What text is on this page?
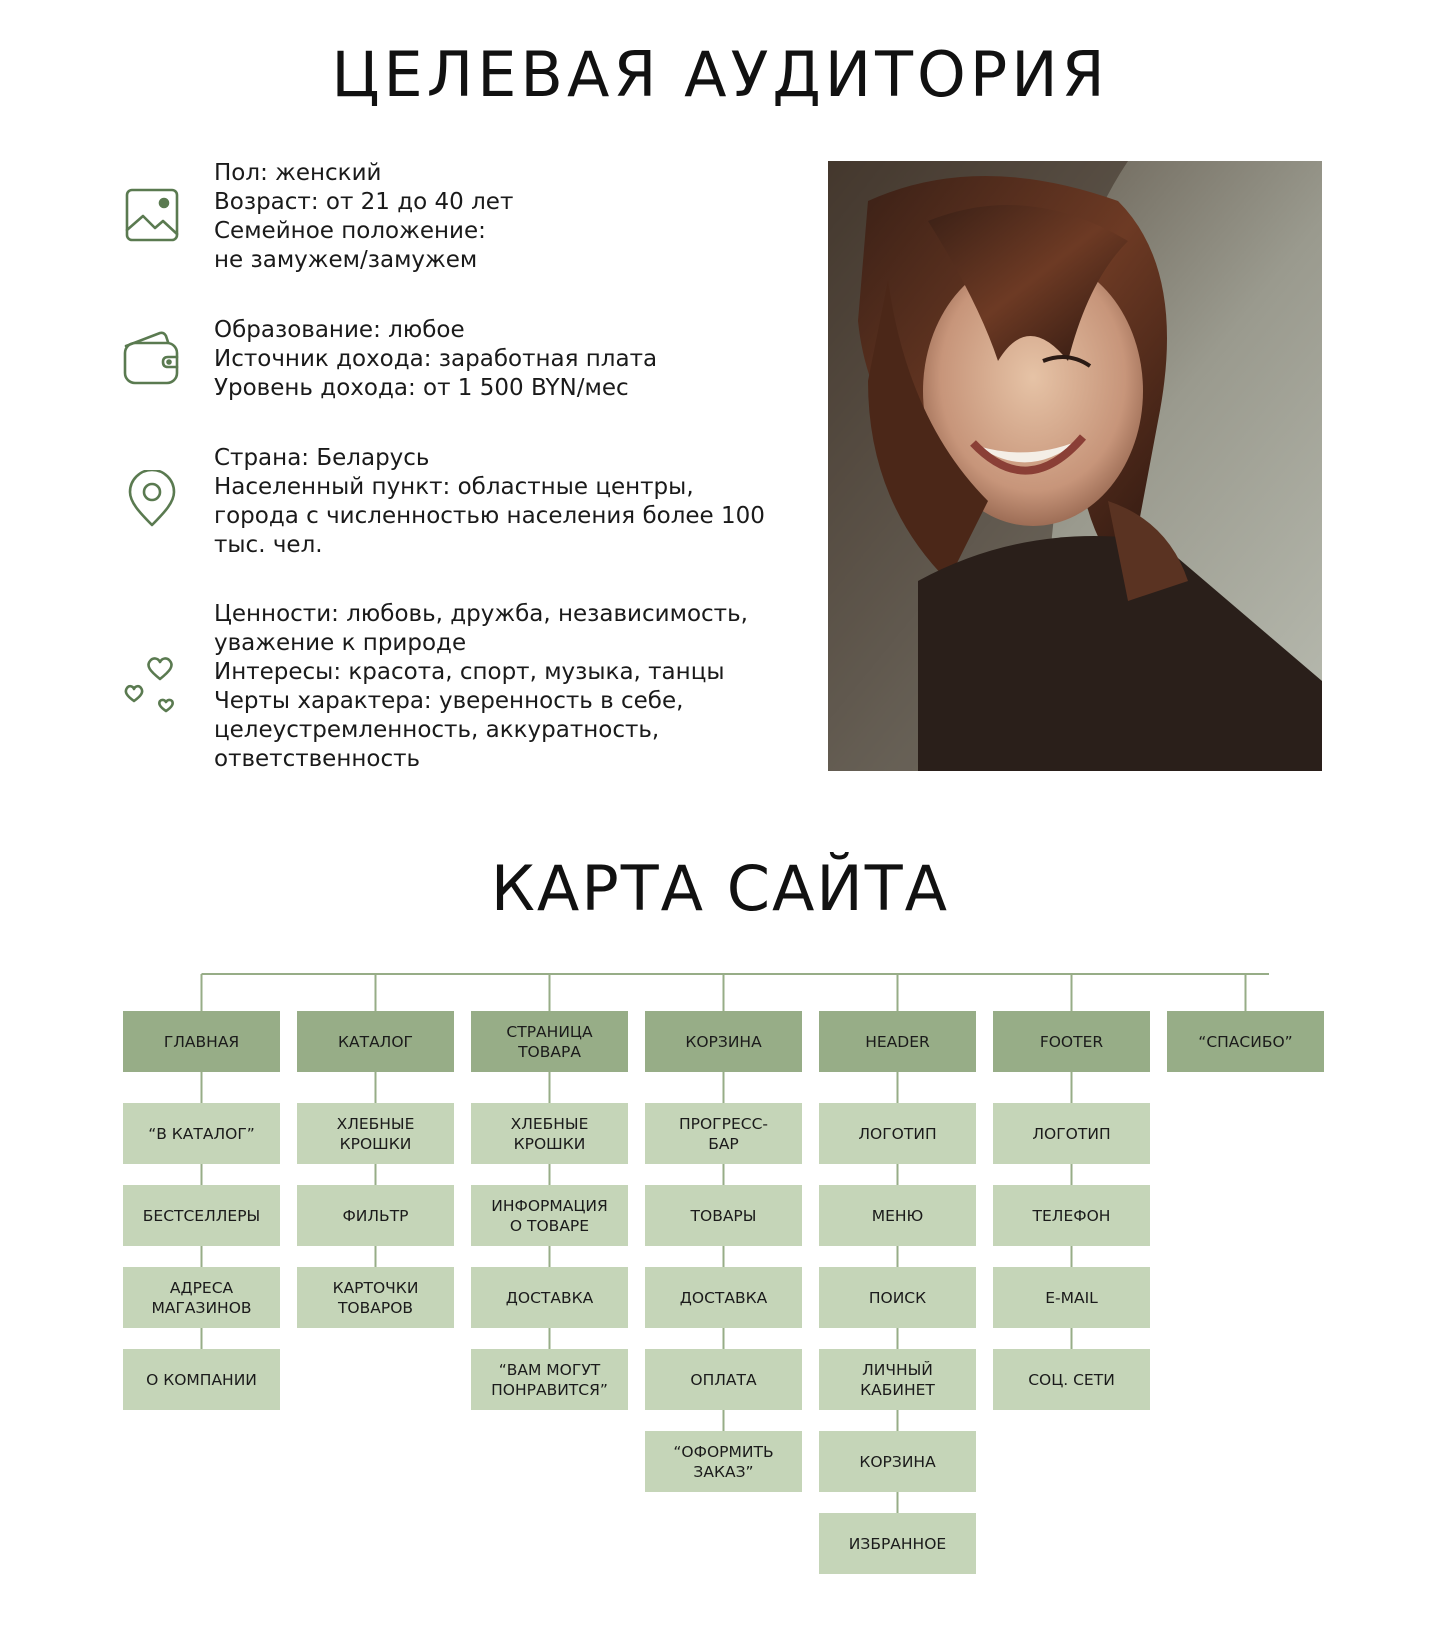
ЦЕЛЕВАЯ АУДИТОРИЯ
Пол: женский
Возраст: от 21 до 40 лет
Семейное положение:
не замужем/замужем
Образование: любое
Источник дохода: заработная плата
Уровень дохода: от 1 500 BYN/мес
Страна: Беларусь
Населенный пункт: областные центры,
города с численностью населения более 100
тыс. чел.
Ценности: любовь, дружба, независимость,
уважение к природе
Интересы: красота, спорт, музыка, танцы
Черты характера: уверенность в себе,
целеустремленность, аккуратность,
ответственность
КАРТА САЙТА
ГЛАВНАЯ
“В КАТАЛОГ”
БЕСТСЕЛЛЕРЫ
АДРЕСА
МАГАЗИНОВ
О КОМПАНИИ
КАТАЛОГ
ХЛЕБНЫЕ
КРОШКИ
ФИЛЬТР
КАРТОЧКИ
ТОВАРОВ
СТРАНИЦА
ТОВАРА
ХЛЕБНЫЕ
КРОШКИ
ИНФОРМАЦИЯ
О ТОВАРЕ
ДОСТАВКА
“ВАМ МОГУТ
ПОНРАВИТСЯ”
КОРЗИНА
ПРОГРЕСС-
БАР
ТОВАРЫ
ДОСТАВКА
ОПЛАТА
“ОФОРМИТЬ
ЗАКАЗ”
HEADER
ЛОГОТИП
МЕНЮ
ПОИСК
ЛИЧНЫЙ
КАБИНЕТ
КОРЗИНА
ИЗБРАННОЕ
FOOTER
ЛОГОТИП
ТЕЛЕФОН
E-MAIL
СОЦ. СЕТИ
“СПАСИБО”
